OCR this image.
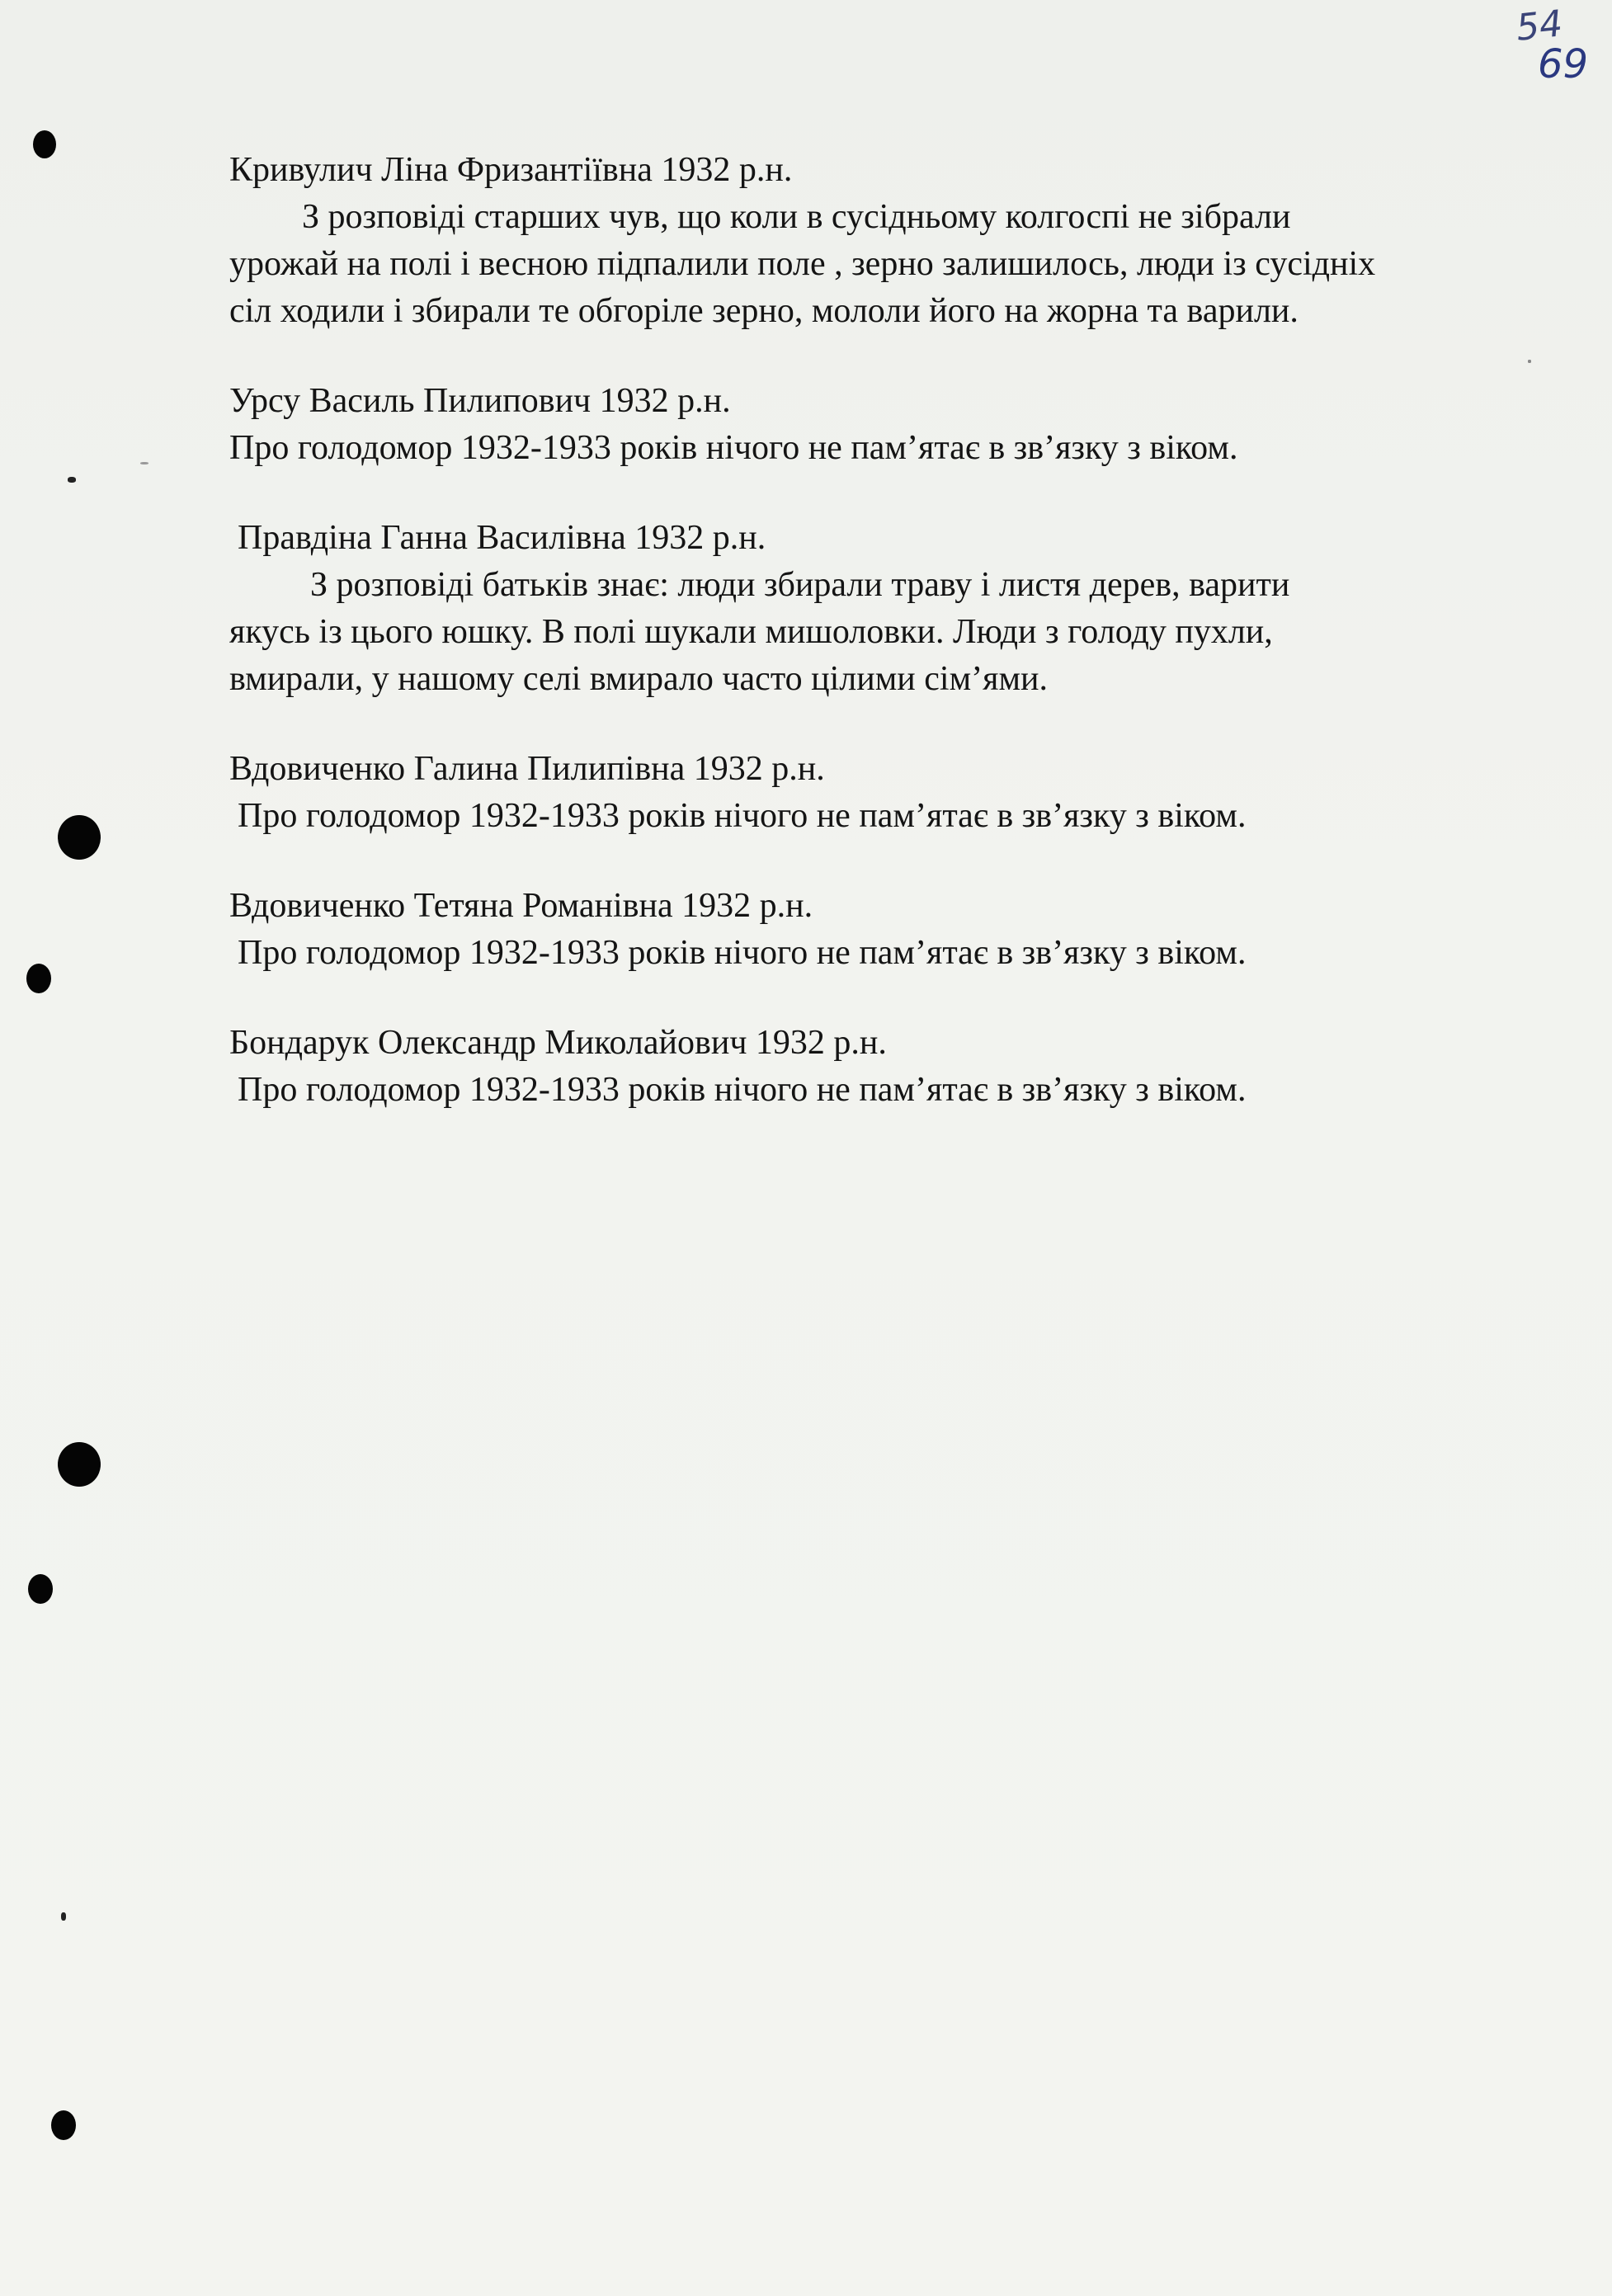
54
69
Кривулич Ліна Фризантіївна 1932 р.н.
З розповіді старших чув, що коли в сусідньому колгоспі не зібрали
урожай на полі і весною підпалили поле , зерно залишилось, люди із сусідніх
сіл ходили і збирали те обгоріле зерно, мололи його на жорна та варили.
Урсу Василь Пилипович 1932 р.н.
Про голодомор 1932-1933 років нічого не пам’ятає в зв’язку з віком.
Правдіна Ганна Василівна 1932 р.н.
З розповіді батьків знає: люди збирали траву і листя дерев, варити
якусь із цього юшку. В полі шукали мишоловки. Люди з голоду пухли,
вмирали, у нашому селі вмирало часто цілими сім’ями.
Вдовиченко Галина Пилипівна 1932 р.н.
Про голодомор 1932-1933 років нічого не пам’ятає в зв’язку з віком.
Вдовиченко Тетяна Романівна 1932 р.н.
Про голодомор 1932-1933 років нічого не пам’ятає в зв’язку з віком.
Бондарук Олександр Миколайович 1932 р.н.
Про голодомор 1932-1933 років нічого не пам’ятає в зв’язку з віком.
